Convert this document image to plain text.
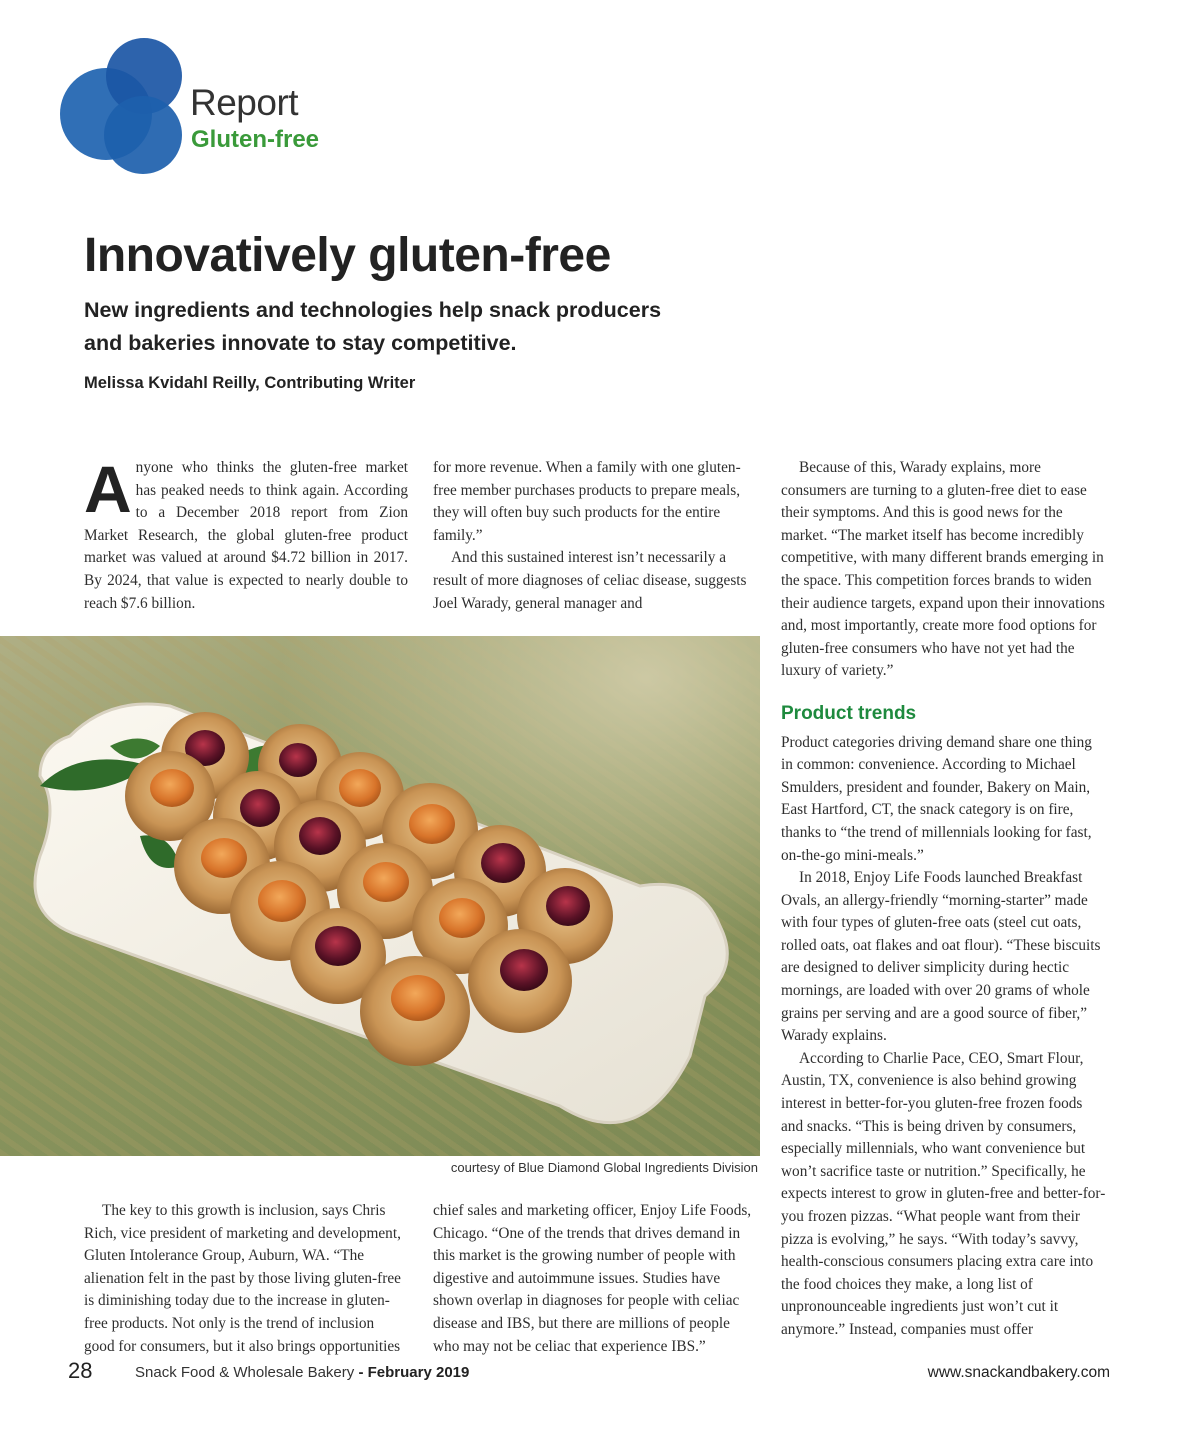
Report
Gluten-free
Innovatively gluten-free
New ingredients and technologies help snack producers
and bakeries innovate to stay competitive.
Melissa Kvidahl Reilly, Contributing Writer
A nyone who thinks the gluten-free market has peaked needs to think again. According to a December 2018 report from Zion Market Research, the global gluten-free product market was valued at around $4.72 billion in 2017. By 2024, that value is expected to nearly double to reach $7.6 billion.

for more revenue. When a family with one gluten-free member purchases products to prepare meals, they will often buy such products for the entire family.”

And this sustained interest isn’t necessarily a result of more diagnoses of celiac disease, suggests Joel Warady, general manager and

Because of this, Warady explains, more consumers are turning to a gluten-free diet to ease their symptoms. And this is good news for the market. “The market itself has become incredibly competitive, with many different brands emerging in the space. This competition forces brands to widen their audience targets, expand upon their innovations and, most importantly, create more food options for gluten-free consumers who have not yet had the luxury of variety.”

Product trends

Product categories driving demand share one thing in common: convenience. According to Michael Smulders, president and founder, Bakery on Main, East Hartford, CT, the snack category is on fire, thanks to “the trend of millennials looking for fast, on-the-go mini-meals.”

In 2018, Enjoy Life Foods launched Breakfast Ovals, an allergy-friendly “morning-starter” made with four types of gluten-free oats (steel cut oats, rolled oats, oat flakes and oat flour). “These biscuits are designed to deliver simplicity during hectic mornings, are loaded with over 20 grams of whole grains per serving and are a good source of fiber,” Warady explains.

According to Charlie Pace, CEO, Smart Flour, Austin, TX, convenience is also behind growing interest in better-for-you gluten-free frozen foods and snacks. “This is being driven by consumers, especially millennials, who want convenience but won’t sacrifice taste or nutrition.” Specifically, he expects interest to grow in gluten-free and better-for-you frozen pizzas. “What people want from their pizza is evolving,” he says. “With today’s savvy, health-conscious consumers placing extra care into the food choices they make, a long list of unpronounceable ingredients just won’t cut it anymore.” Instead, companies must offer

courtesy of Blue Diamond Global Ingredients Division

The key to this growth is inclusion, says Chris Rich, vice president of marketing and development, Gluten Intolerance Group, Auburn, WA. “The alienation felt in the past by those living gluten-free is diminishing today due to the increase in gluten-free products. Not only is the trend of inclusion good for consumers, but it also brings opportunities

chief sales and marketing officer, Enjoy Life Foods, Chicago. “One of the trends that drives demand in this market is the growing number of people with digestive and autoimmune issues. Studies have shown overlap in diagnoses for people with celiac disease and IBS, but there are millions of people who may not be celiac that experience IBS.”

28	Snack Food & Wholesale Bakery - February 2019	www.snackandbakery.com
